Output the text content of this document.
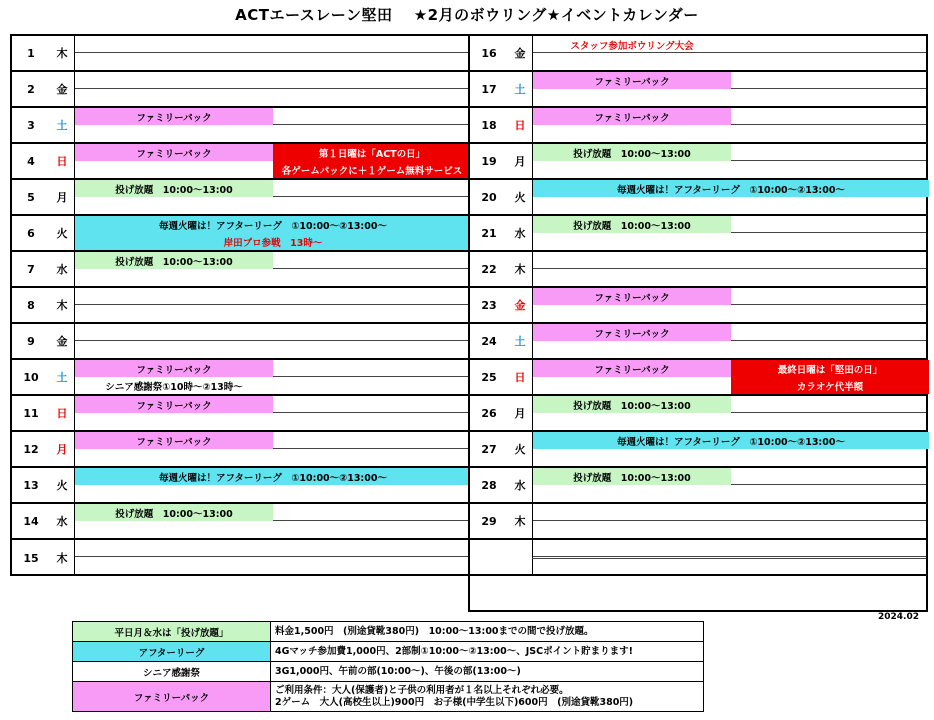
ACTエースレーン堅田　 ★2月のボウリング★イベントカレンダー
1	木
2	金
3	土
ファミリーパック
4	日
ファミリーパック	第１日曜は「ACTの日」
各ゲームパックに＋１ゲーム無料サービス
5	月
投げ放題　10:00～13:00
6	火
毎週火曜は！アフターリーグ　①10:00～②13:00～
岸田プロ参戦　13時～
7	水
投げ放題　10:00～13:00
8	木
9	金
10	土
ファミリーパック
シニア感謝祭①10時～②13時～
11	日
ファミリーパック
12	月
ファミリーパック
13	火
毎週火曜は！アフターリーグ　①10:00～②13:00～
14	水
投げ放題　10:00～13:00
15	木
16	金
スタッフ参加ボウリング大会
17	土
ファミリーパック
18	日
ファミリーパック
19	月
投げ放題　10:00～13:00
20	火
毎週火曜は！アフターリーグ　①10:00～②13:00～
21	水
投げ放題　10:00～13:00
22	木
23	金
ファミリーパック
24	土
ファミリーパック
25	日
ファミリーパック	最終日曜は「堅田の日」
カラオケ代半額
26	月
投げ放題　10:00～13:00
27	火
毎週火曜は！アフターリーグ　①10:00～②13:00～
28	水
投げ放題　10:00～13:00
29	木
2024.02
平日月＆水は「投げ放題」	料金1,500円　(別途貸靴380円)　10:00～13:00までの間で投げ放題。

アフターリーグ	4Gマッチ参加費1,000円、2部制①10:00～②13:00～、JSCポイント貯まります!

シニア感謝祭	3G1,000円、午前の部(10:00～)、午後の部(13:00～)

ファミリーパック	ご利用条件：大人(保護者)と子供の利用者が１名以上それぞれ必要。
2ゲーム　大人(高校生以上)900円　お子様(中学生以下)600円　(別途貸靴380円)
